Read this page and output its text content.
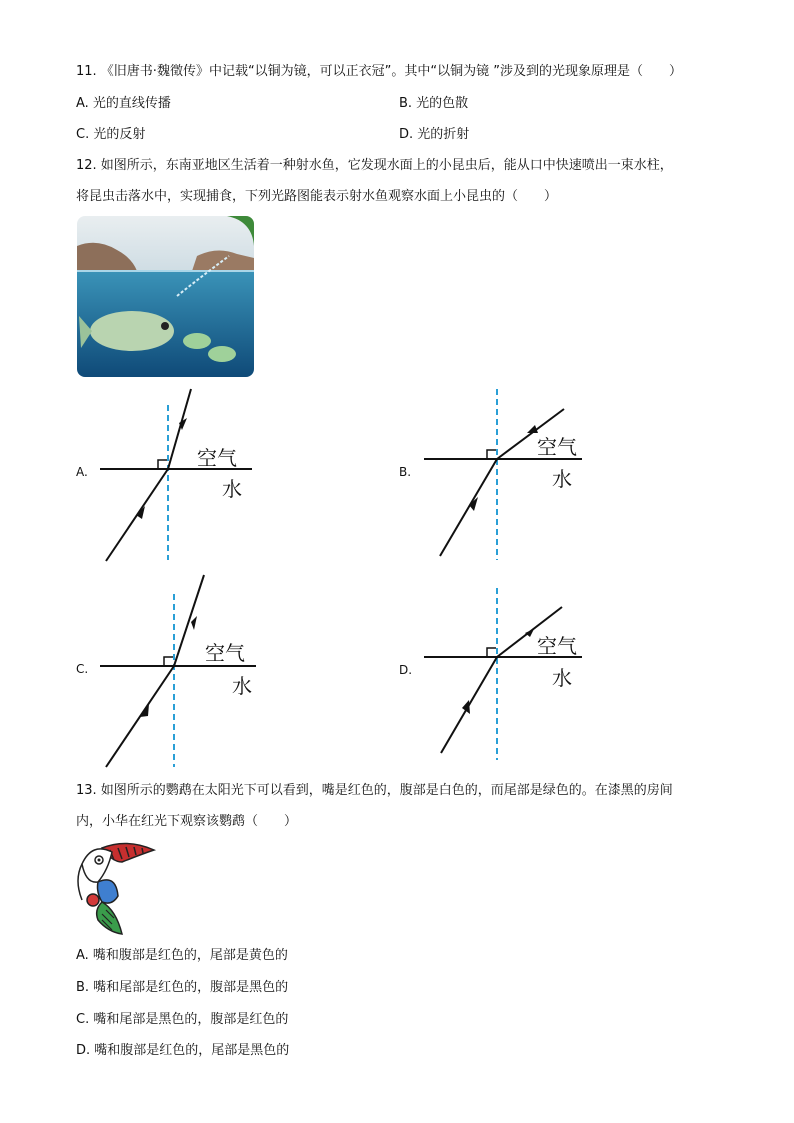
11. 《旧唐书·魏徵传》中记载“以铜为镜，可以正衣冠”。其中“以铜为镜 ”涉及到的光现象原理是（　　）
A. 光的直线传播	B. 光的色散
C. 光的反射	D. 光的折射
12. 如图所示，东南亚地区生活着一种射水鱼，它发现水面上的小昆虫后，能从口中快速喷出一束水柱，
将昆虫击落水中，实现捕食，下列光路图能表示射水鱼观察水面上小昆虫的（　　）
A.
空气
水
B.
空气
水
C.
空气
水
D.
空气
水
13. 如图所示的鹦鹉在太阳光下可以看到，嘴是红色的，腹部是白色的，而尾部是绿色的。在漆黑的房间
内，小华在红光下观察该鹦鹉（　　）
A. 嘴和腹部是红色的，尾部是黄色的
B. 嘴和尾部是红色的，腹部是黑色的
C. 嘴和尾部是黑色的，腹部是红色的
D. 嘴和腹部是红色的，尾部是黑色的
